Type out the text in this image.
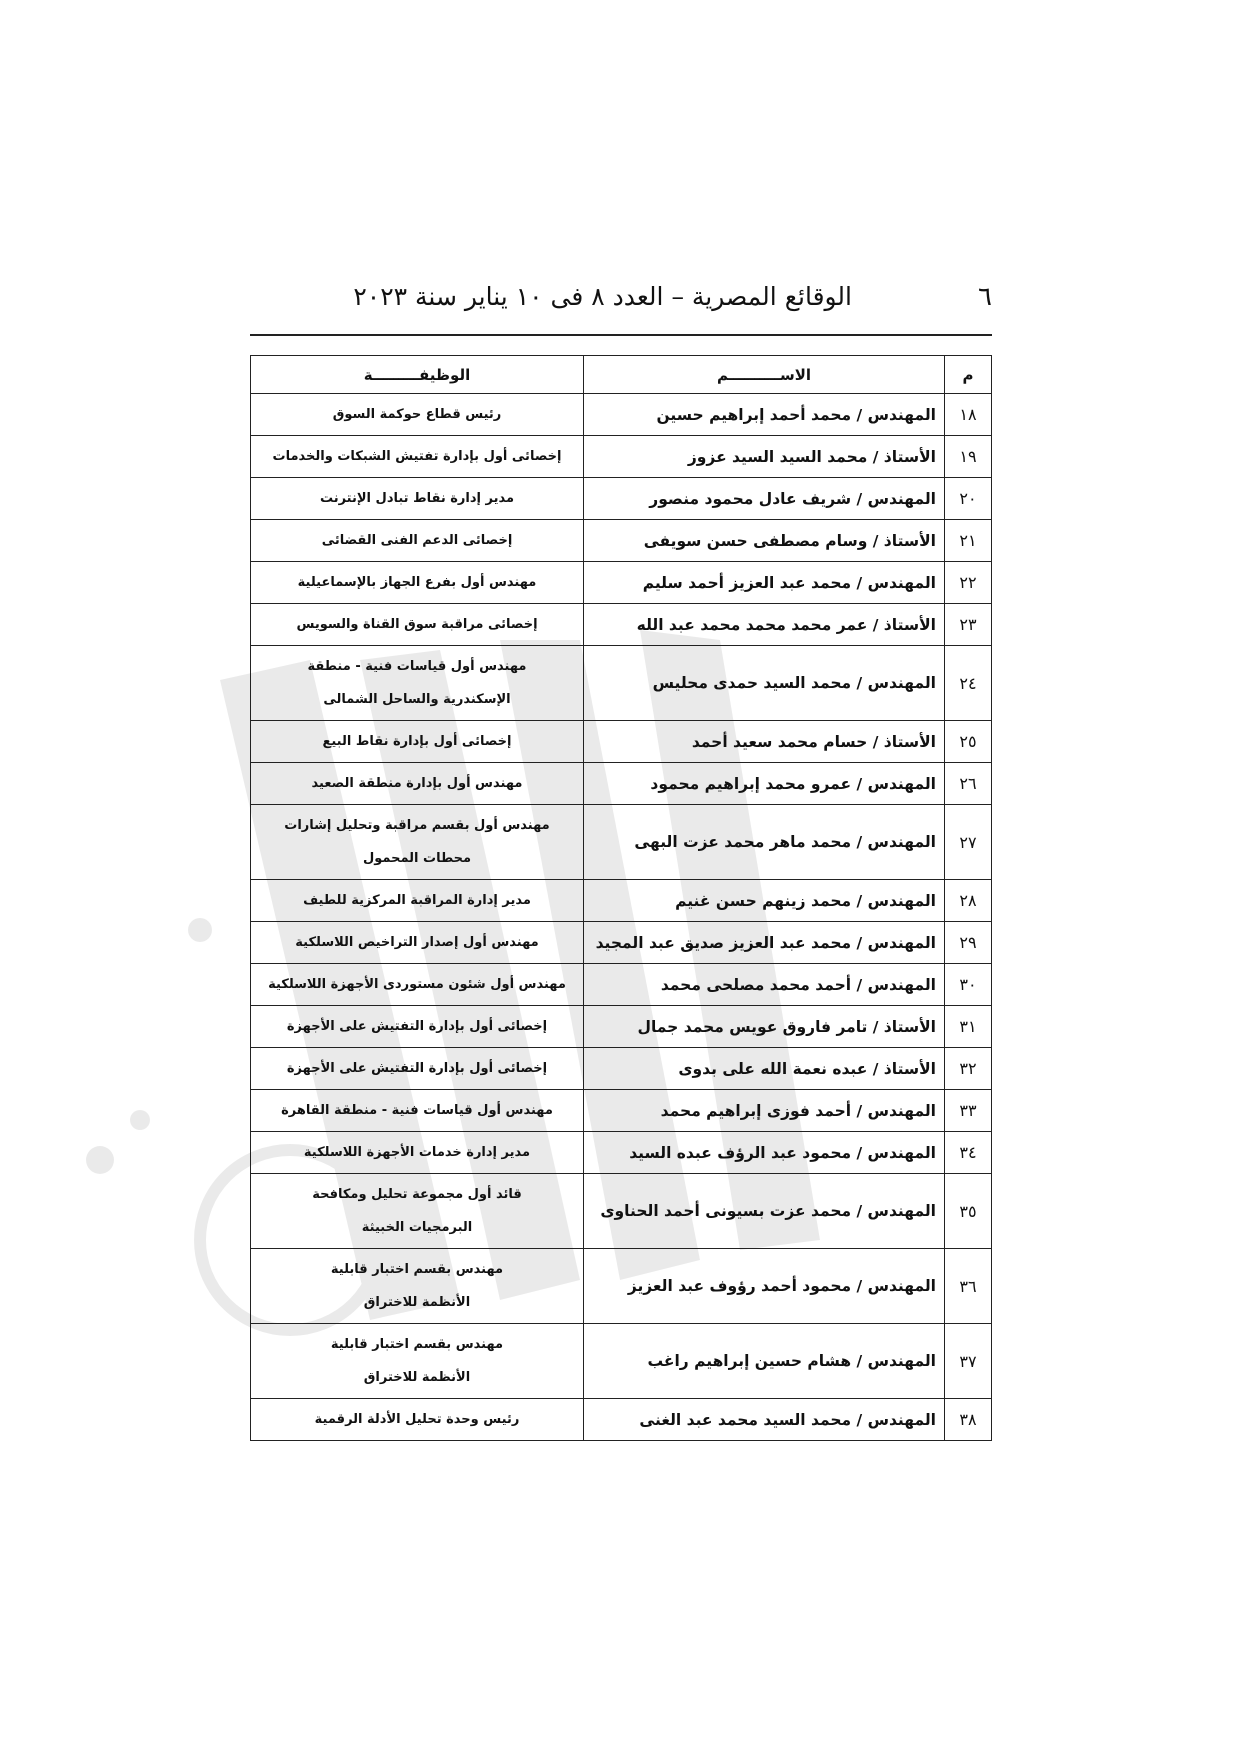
٦
الوقائع المصرية – العدد ٨ فى ١٠ يناير سنة ٢٠٢٣
م	الاســــــــــم	الوظيفـــــــــة
١٨	المهندس / محمد أحمد إبراهيم حسين	رئيس قطاع حوكمة السوق
١٩	الأستاذ / محمد السيد السيد عزوز	إخصائى أول بإدارة تفتيش الشبكات والخدمات
٢٠	المهندس / شريف عادل محمود منصور	مدير إدارة نقاط تبادل الإنترنت
٢١	الأستاذ / وسام مصطفى حسن سويفى	إخصائى الدعم الفنى القضائى
٢٢	المهندس / محمد عبد العزيز أحمد سليم	مهندس أول بفرع الجهاز بالإسماعيلية
٢٣	الأستاذ / عمر محمد محمد محمد عبد الله	إخصائى مراقبة سوق القناة والسويس
٢٤	المهندس / محمد السيد حمدى محليس	مهندس أول قياسات فنية - منطقة
الإسكندرية والساحل الشمالى
٢٥	الأستاذ / حسام محمد سعيد أحمد	إخصائى أول بإدارة نقاط البيع
٢٦	المهندس / عمرو محمد إبراهيم محمود	مهندس أول بإدارة منطقة الصعيد
٢٧	المهندس / محمد ماهر محمد عزت البهى	مهندس أول بقسم مراقبة وتحليل إشارات
محطات المحمول
٢٨	المهندس / محمد زينهم حسن غنيم	مدير إدارة المراقبة المركزية للطيف
٢٩	المهندس / محمد عبد العزيز صديق عبد المجيد	مهندس أول إصدار التراخيص اللاسلكية
٣٠	المهندس / أحمد محمد مصلحى محمد	مهندس أول شئون مستوردى الأجهزة اللاسلكية
٣١	الأستاذ / تامر فاروق عويس محمد جمال	إخصائى أول بإدارة التفتيش على الأجهزة
٣٢	الأستاذ / عبده نعمة الله على بدوى	إخصائى أول بإدارة التفتيش على الأجهزة
٣٣	المهندس / أحمد فوزى إبراهيم محمد	مهندس أول قياسات فنية - منطقة القاهرة
٣٤	المهندس / محمود عبد الرؤف عبده السيد	مدير إدارة خدمات الأجهزة اللاسلكية
٣٥	المهندس / محمد عزت بسيونى أحمد الحناوى	قائد أول مجموعة تحليل ومكافحة
البرمجيات الخبيثة
٣٦	المهندس / محمود أحمد رؤوف عبد العزيز	مهندس بقسم اختبار قابلية
الأنظمة للاختراق
٣٧	المهندس / هشام حسين إبراهيم راغب	مهندس بقسم اختبار قابلية
الأنظمة للاختراق
٣٨	المهندس / محمد السيد محمد عبد الغنى	رئيس وحدة تحليل الأدلة الرقمية
